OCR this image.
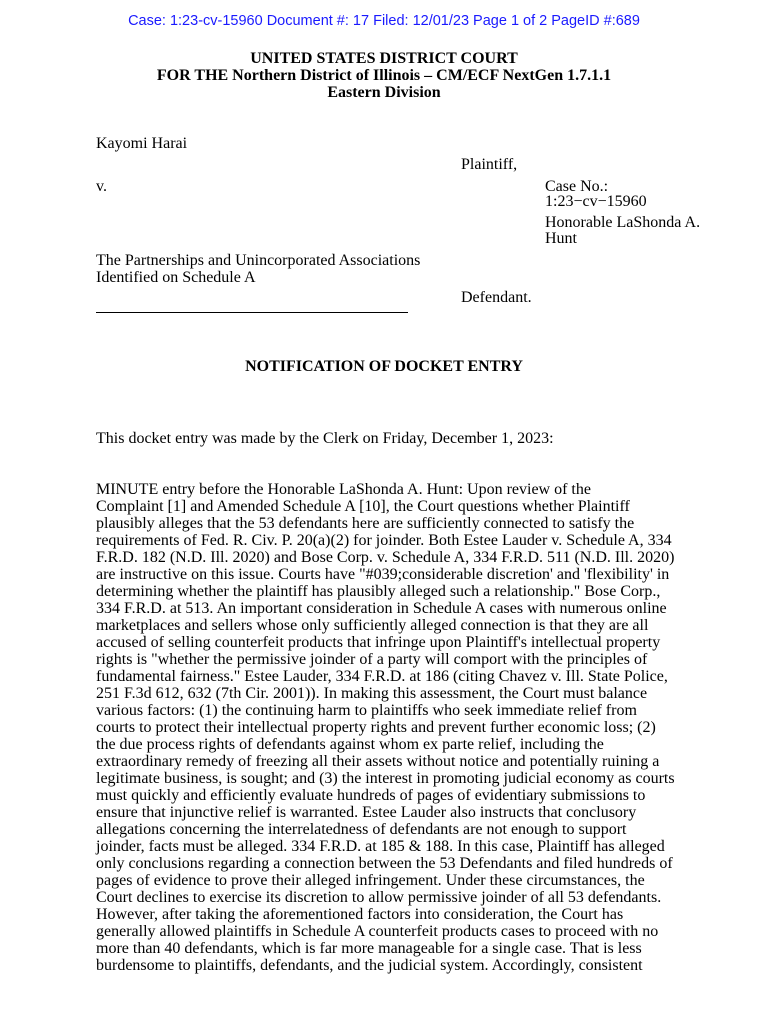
Case: 1:23-cv-15960 Document #: 17 Filed: 12/01/23 Page 1 of 2 PageID #:689
UNITED STATES DISTRICT COURT
FOR THE Northern District of Illinois – CM/ECF NextGen 1.7.1.1
Eastern Division
Kayomi Harai
Plaintiff,
v.	Case No.:
1:23−cv−15960
Honorable LaShonda A.
Hunt
The Partnerships and Unincorporated Associations
Identified on Schedule A
Defendant.
NOTIFICATION OF DOCKET ENTRY
This docket entry was made by the Clerk on Friday, December 1, 2023:
MINUTE entry before the Honorable LaShonda A. Hunt: Upon review of the
Complaint [1] and Amended Schedule A [10], the Court questions whether Plaintiff
plausibly alleges that the 53 defendants here are sufficiently connected to satisfy the
requirements of Fed. R. Civ. P. 20(a)(2) for joinder. Both Estee Lauder v. Schedule A, 334
F.R.D. 182 (N.D. Ill. 2020) and Bose Corp. v. Schedule A, 334 F.R.D. 511 (N.D. Ill. 2020)
are instructive on this issue. Courts have "#039;considerable discretion' and 'flexibility' in
determining whether the plaintiff has plausibly alleged such a relationship." Bose Corp.,
334 F.R.D. at 513. An important consideration in Schedule A cases with numerous online
marketplaces and sellers whose only sufficiently alleged connection is that they are all
accused of selling counterfeit products that infringe upon Plaintiff's intellectual property
rights is "whether the permissive joinder of a party will comport with the principles of
fundamental fairness." Estee Lauder, 334 F.R.D. at 186 (citing Chavez v. Ill. State Police,
251 F.3d 612, 632 (7th Cir. 2001)). In making this assessment, the Court must balance
various factors: (1) the continuing harm to plaintiffs who seek immediate relief from
courts to protect their intellectual property rights and prevent further economic loss; (2)
the due process rights of defendants against whom ex parte relief, including the
extraordinary remedy of freezing all their assets without notice and potentially ruining a
legitimate business, is sought; and (3) the interest in promoting judicial economy as courts
must quickly and efficiently evaluate hundreds of pages of evidentiary submissions to
ensure that injunctive relief is warranted. Estee Lauder also instructs that conclusory
allegations concerning the interrelatedness of defendants are not enough to support
joinder, facts must be alleged. 334 F.R.D. at 185 & 188. In this case, Plaintiff has alleged
only conclusions regarding a connection between the 53 Defendants and filed hundreds of
pages of evidence to prove their alleged infringement. Under these circumstances, the
Court declines to exercise its discretion to allow permissive joinder of all 53 defendants.
However, after taking the aforementioned factors into consideration, the Court has
generally allowed plaintiffs in Schedule A counterfeit products cases to proceed with no
more than 40 defendants, which is far more manageable for a single case. That is less
burdensome to plaintiffs, defendants, and the judicial system. Accordingly, consistent
